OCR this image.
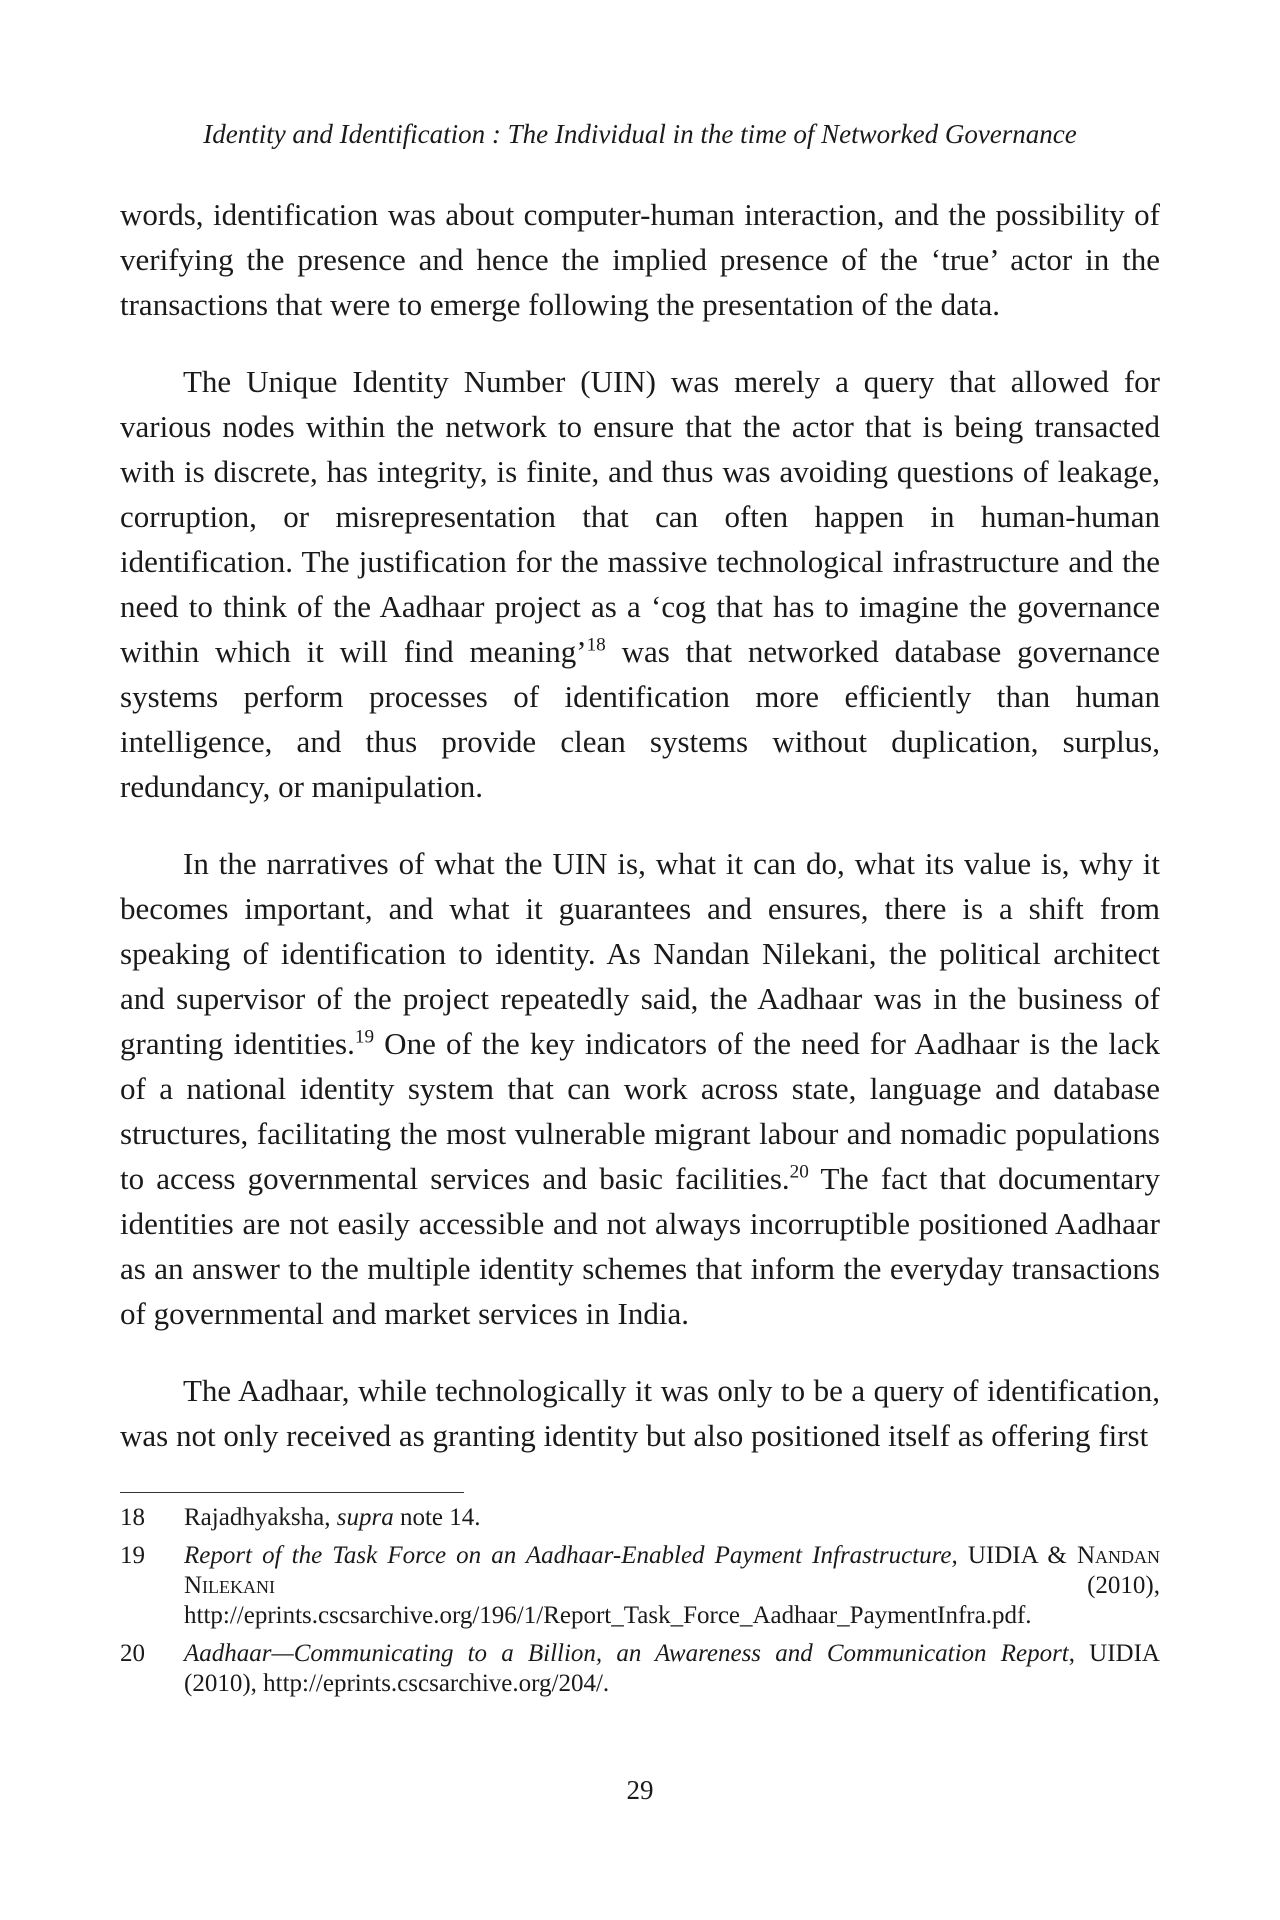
Identity and Identification : The Individual in the time of Networked Governance

words, identification was about computer-human interaction, and the possibility of verifying the presence and hence the implied presence of the ‘true’ actor in the transactions that were to emerge following the presentation of the data.

The Unique Identity Number (UIN) was merely a query that allowed for various nodes within the network to ensure that the actor that is being transacted with is discrete, has integrity, is finite, and thus was avoiding questions of leakage, corruption, or misrepresentation that can often happen in human-human identification. The justification for the massive technological infrastructure and the need to think of the Aadhaar project as a ‘cog that has to imagine the governance within which it will find meaning’$^{18}$ was that networked database governance systems perform processes of identification more efficiently than human intelligence, and thus provide clean systems without duplication, surplus, redundancy, or manipulation.

In the narratives of what the UIN is, what it can do, what its value is, why it becomes important, and what it guarantees and ensures, there is a shift from speaking of identification to identity. As Nandan Nilekani, the political architect and supervisor of the project repeatedly said, the Aadhaar was in the business of granting identities.$^{19}$ One of the key indicators of the need for Aadhaar is the lack of a national identity system that can work across state, language and database structures, facilitating the most vulnerable migrant labour and nomadic populations to access governmental services and basic facilities.$^{20}$ The fact that documentary identities are not easily accessible and not always incorruptible positioned Aadhaar as an answer to the multiple identity schemes that inform the everyday transactions of governmental and market services in India.

The Aadhaar, while technologically it was only to be a query of identification, was not only received as granting identity but also positioned itself as offering first

18	Rajadhyaksha, supra note 14.
19	Report of the Task Force on an Aadhaar-Enabled Payment Infrastructure, UIDIA & Nandan Nilekani (2010), http://eprints.cscsarchive.org/196/1/Report_Task_Force_Aadhaar_PaymentInfra.pdf.
20	Aadhaar—Communicating to a Billion, an Awareness and Communication Report, UIDIA (2010), http://eprints.cscsarchive.org/204/.
29
